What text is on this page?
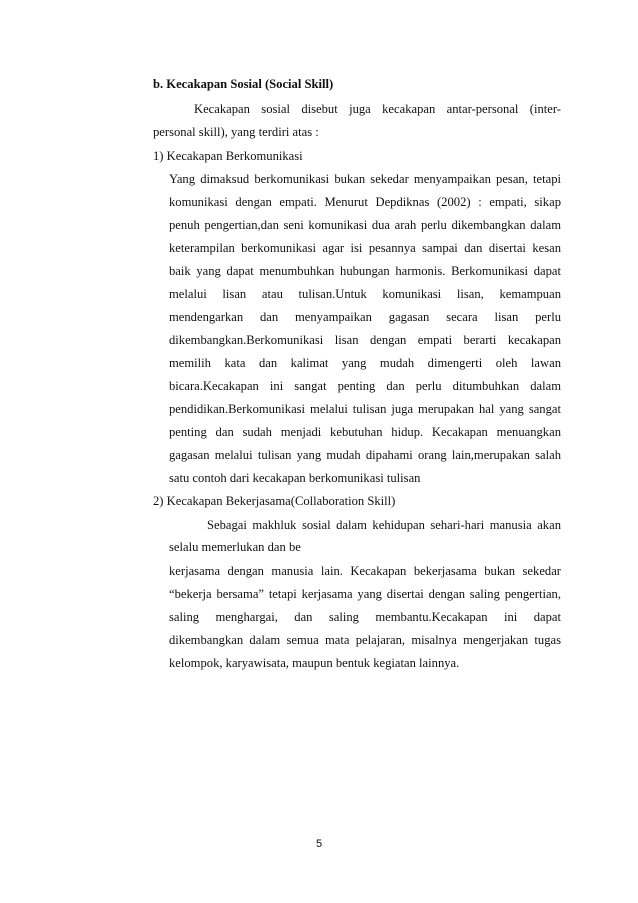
b. Kecakapan Sosial (Social Skill)
Kecakapan sosial disebut juga kecakapan antar-personal (inter-
personal skill), yang terdiri atas :
1) Kecakapan Berkomunikasi
Yang dimaksud berkomunikasi bukan sekedar menyampaikan pesan, tetapi
komunikasi dengan empati. Menurut Depdiknas (2002) : empati, sikap
penuh pengertian,dan seni komunikasi dua arah perlu dikembangkan dalam
keterampilan berkomunikasi agar isi pesannya sampai dan disertai kesan
baik yang dapat menumbuhkan hubungan harmonis. Berkomunikasi dapat
melalui lisan atau tulisan.Untuk komunikasi lisan, kemampuan
mendengarkan dan menyampaikan gagasan secara lisan perlu
dikembangkan.Berkomunikasi lisan dengan empati berarti kecakapan
memilih kata dan kalimat yang mudah dimengerti oleh lawan
bicara.Kecakapan ini sangat penting dan perlu ditumbuhkan dalam
pendidikan.Berkomunikasi melalui tulisan juga merupakan hal yang sangat
penting dan sudah menjadi kebutuhan hidup. Kecakapan menuangkan
gagasan melalui tulisan yang mudah dipahami orang lain,merupakan salah
satu contoh dari kecakapan berkomunikasi tulisan
2) Kecakapan Bekerjasama(Collaboration Skill)
Sebagai makhluk sosial dalam kehidupan sehari-hari manusia akan
selalu memerlukan dan be
kerjasama dengan manusia lain. Kecakapan bekerjasama bukan sekedar
“bekerja bersama” tetapi kerjasama yang disertai dengan saling pengertian,
saling menghargai, dan saling membantu.Kecakapan ini dapat
dikembangkan dalam semua mata pelajaran, misalnya mengerjakan tugas
kelompok, karyawisata, maupun bentuk kegiatan lainnya.
5
